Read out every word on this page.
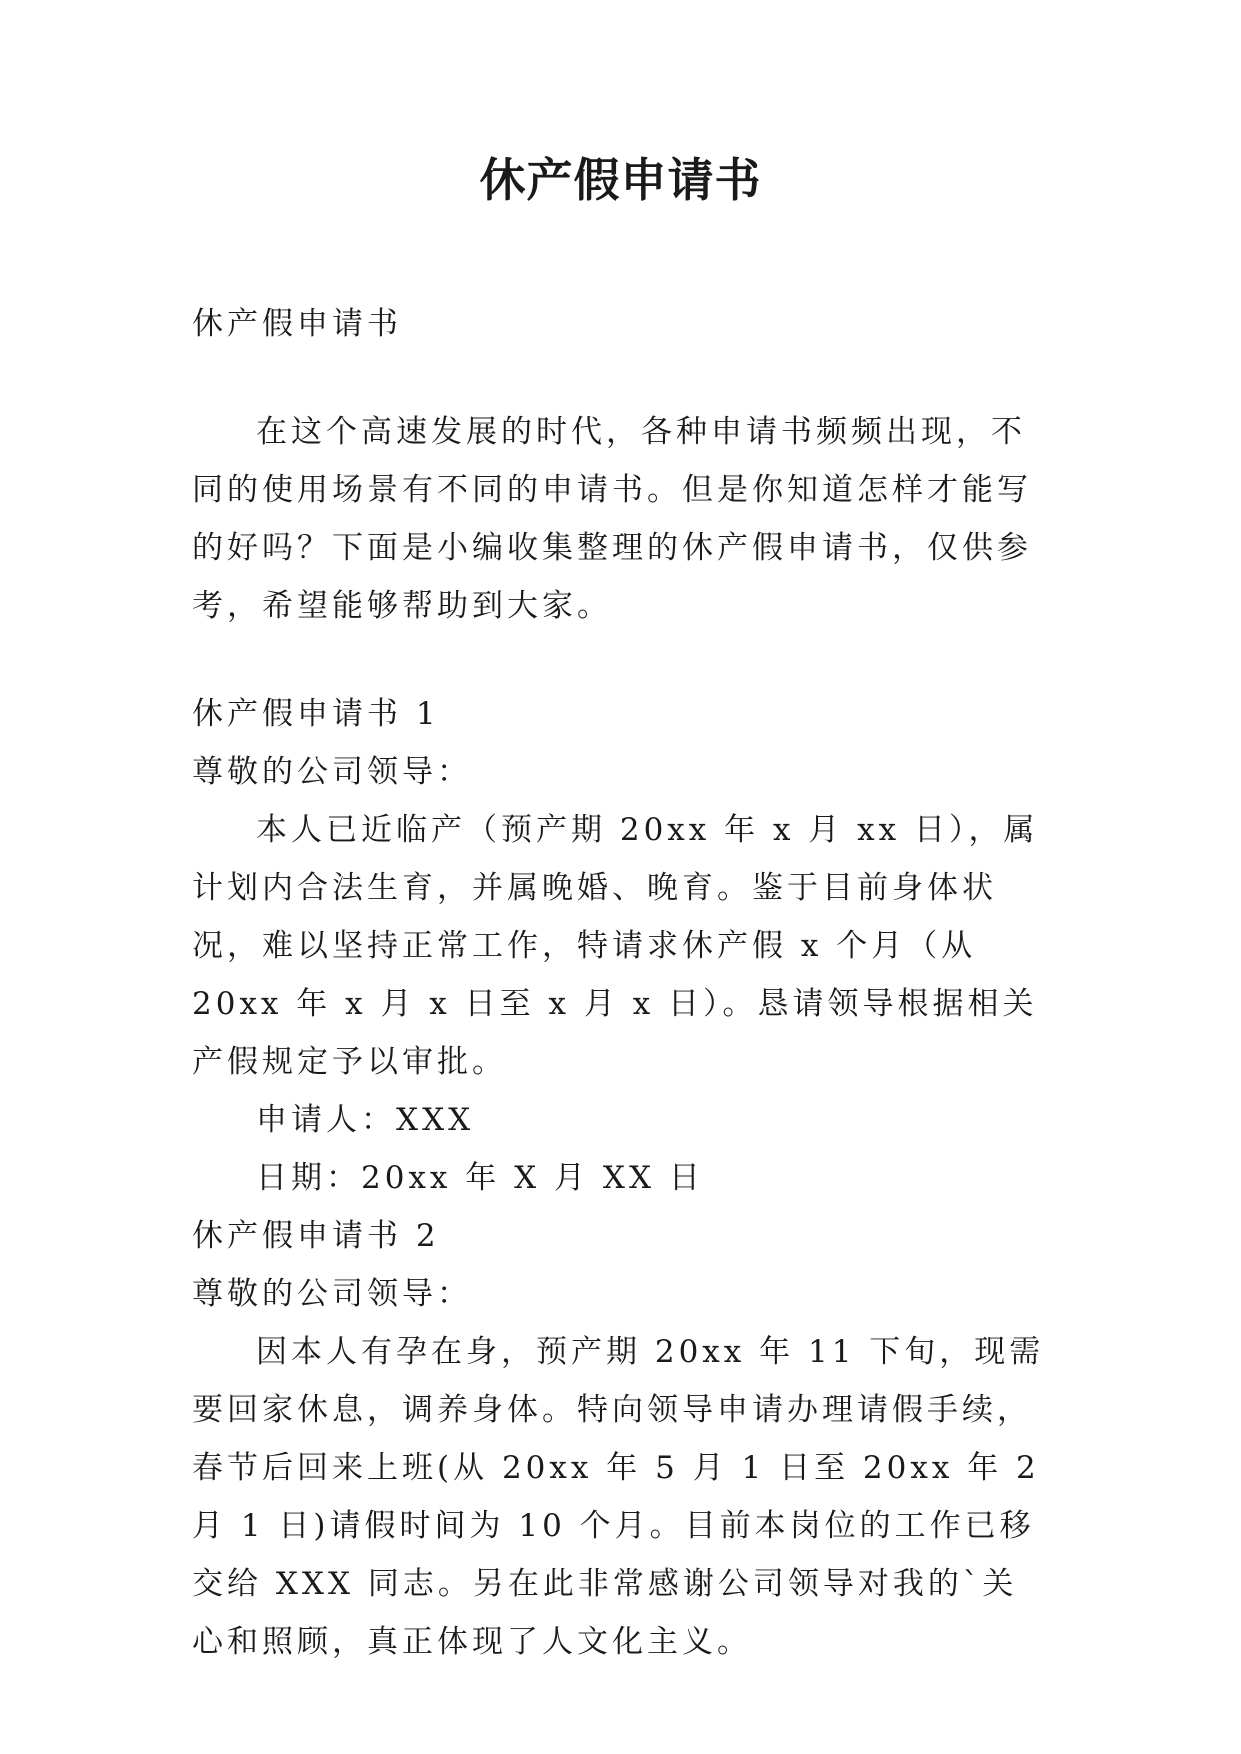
休产假申请书

休产假申请书

在这个高速发展的时代，各种申请书频频出现，不同的使用场景有不同的申请书。但是你知道怎样才能写的好吗？下面是小编收集整理的休产假申请书，仅供参考，希望能够帮助到大家。

休产假申请书 1

尊敬的公司领导：

本人已近临产（预产期 20xx 年 x 月 xx 日），属计划内合法生育，并属晚婚、晚育。鉴于目前身体状况，难以坚持正常工作，特请求休产假 x 个月（从 20xx 年 x 月 x 日至 x 月 x 日）。恳请领导根据相关产假规定予以审批。

申请人：XXX

日期：20xx 年 X 月 XX 日

休产假申请书 2

尊敬的公司领导：

因本人有孕在身，预产期 20xx 年 11 下旬，现需要回家休息，调养身体。特向领导申请办理请假手续，春节后回来上班(从 20xx 年 5 月 1 日至 20xx 年 2 月 1 日)请假时间为 10 个月。目前本岗位的工作已移交给 XXX 同志。另在此非常感谢公司领导对我的`关心和照顾，真正体现了人文化主义。
